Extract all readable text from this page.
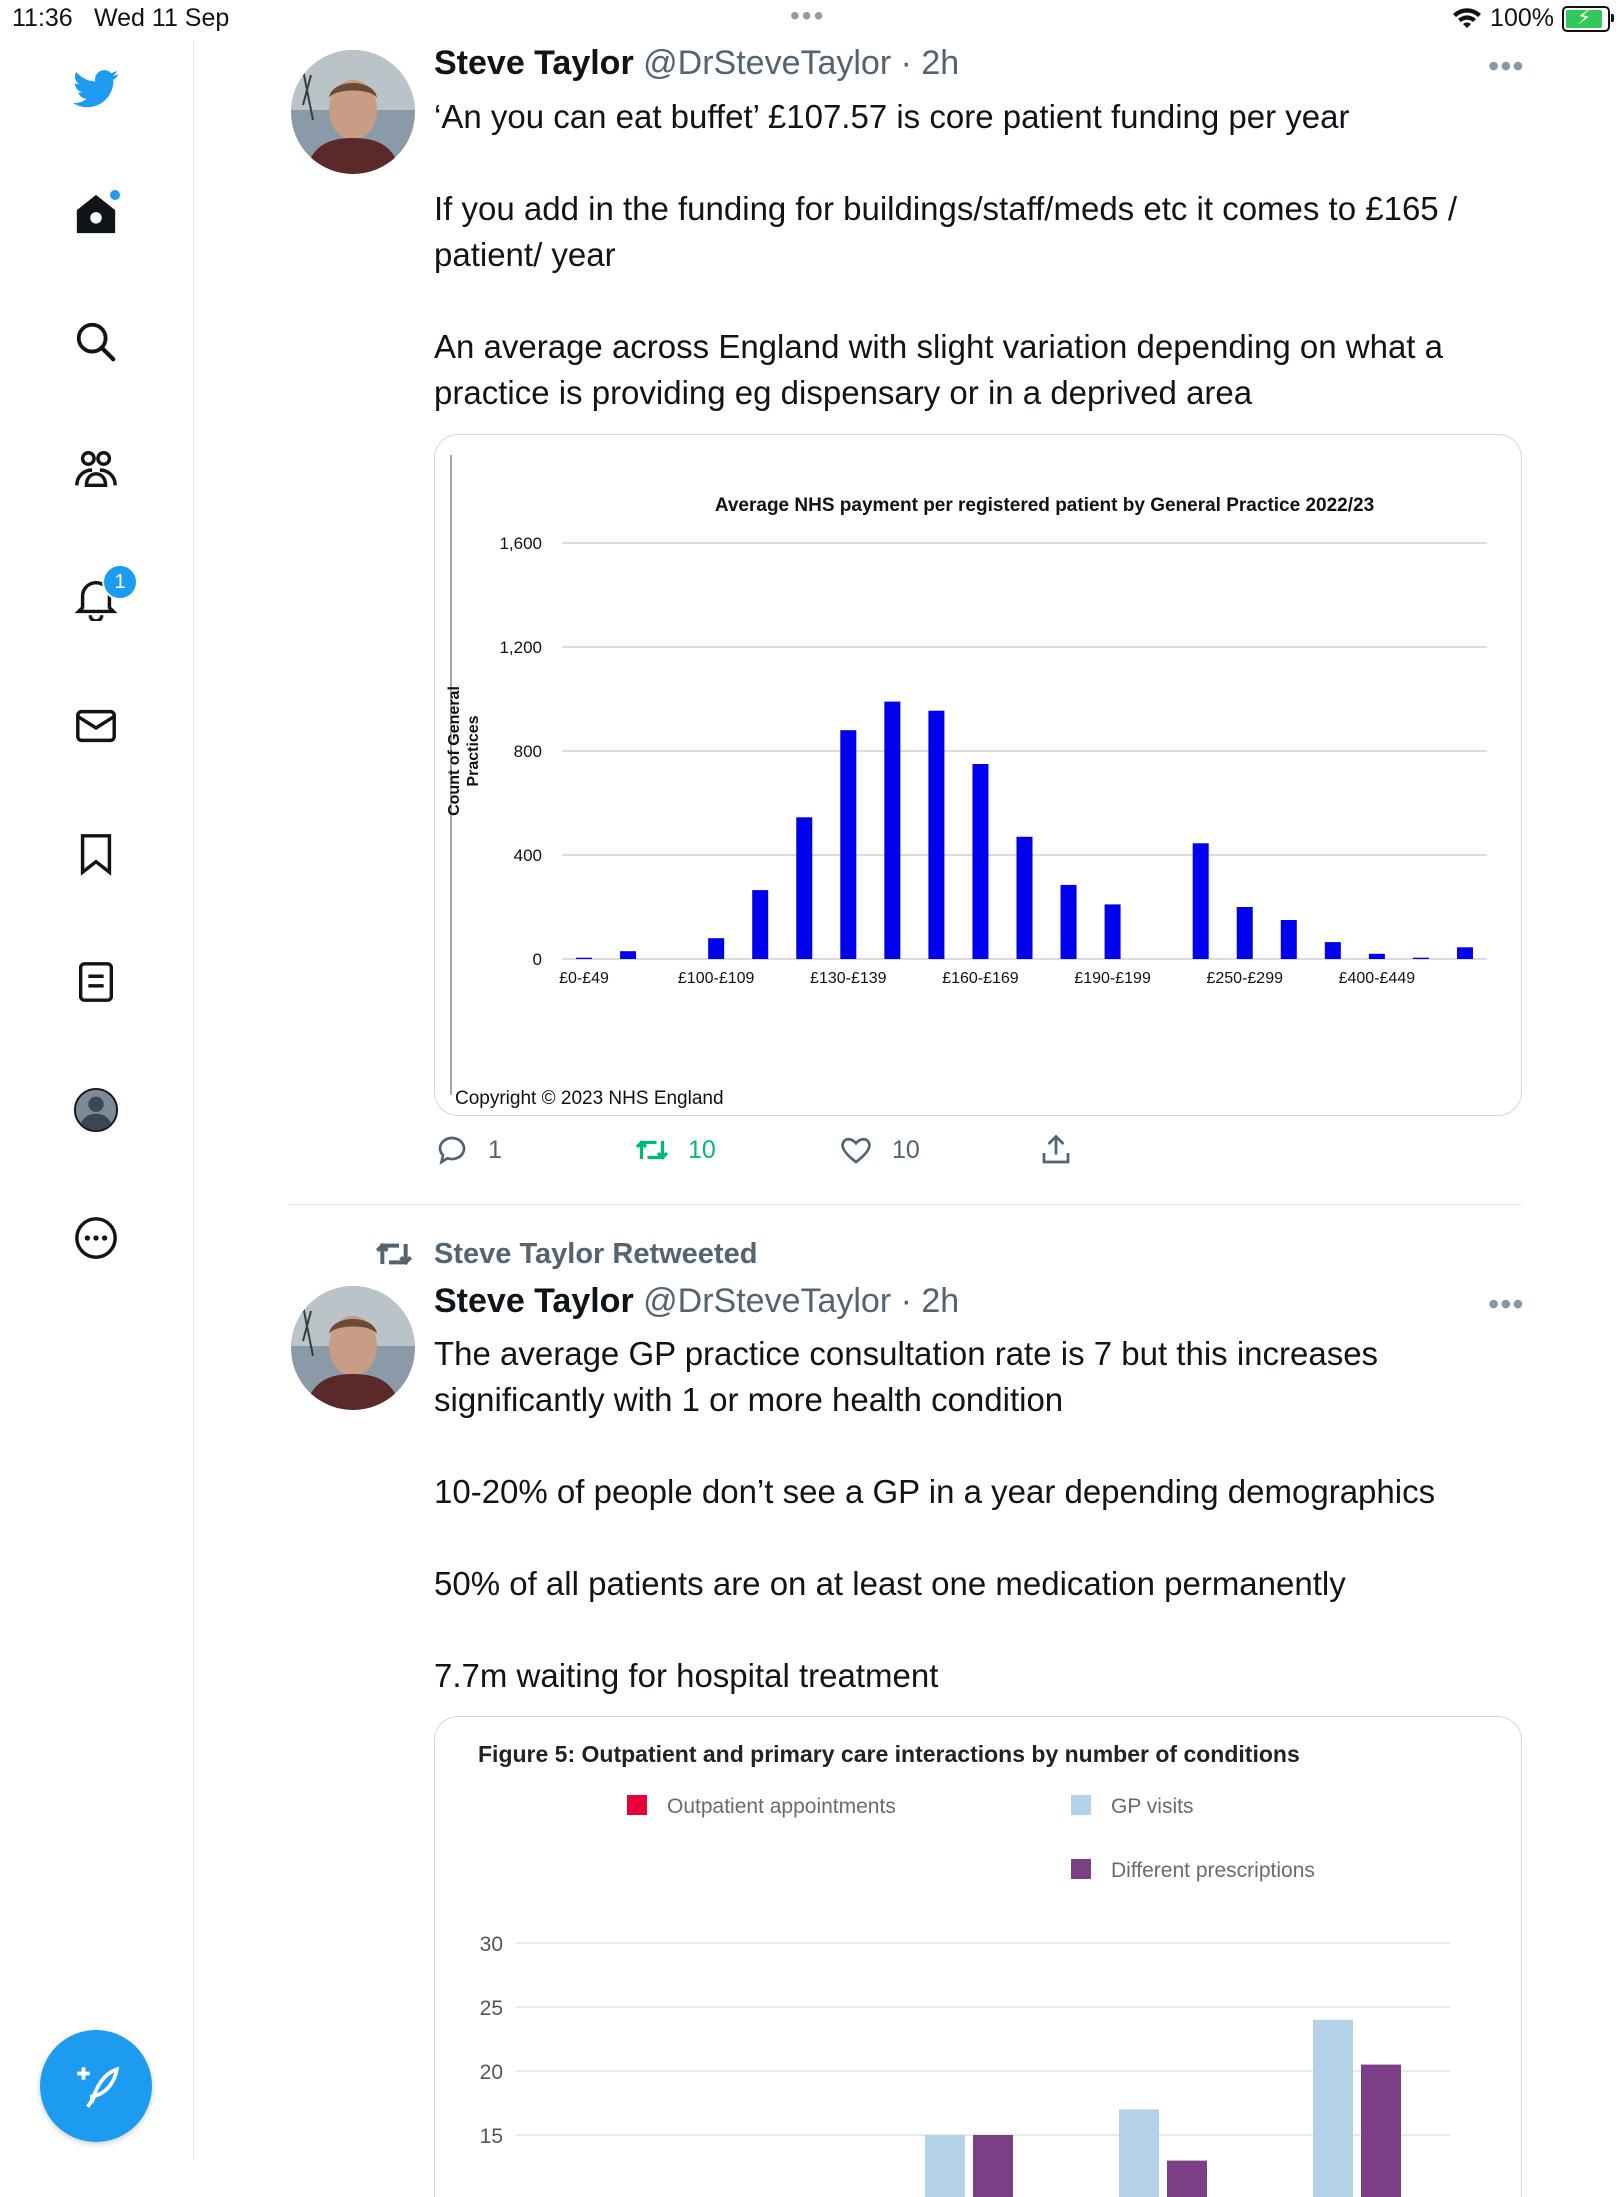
11:36 Wed 11 Sep	•••	100% ⚡
1
Steve Taylor @DrSteveTaylor · 2h	•••

‘An you can eat buffet’ £107.57 is core patient funding per year

If you add in the funding for buildings/staff/meds etc it comes to £165 / patient/ year

An average across England with slight variation depending on what a practice is providing eg dispensary or in a deprived area

Average NHS payment per registered patient by General Practice 2022/23
0
400
800
1,200
1,600
Count of General Practices
£0-£49	£100-£109	£130-£139	£160-£169	£190-£199	£250-£299	£400-£449
Copyright © 2023 NHS England
1	10	10
Steve Taylor Retweeted
Steve Taylor @DrSteveTaylor · 2h	•••

The average GP practice consultation rate is 7 but this increases significantly with 1 or more health condition

10-20% of people don’t see a GP in a year depending demographics

50% of all patients are on at least one medication permanently

7.7m waiting for hospital treatment

Figure 5: Outpatient and primary care interactions by number of conditions
Outpatient appointments	GP visits
Different prescriptions
15
20
25
30
